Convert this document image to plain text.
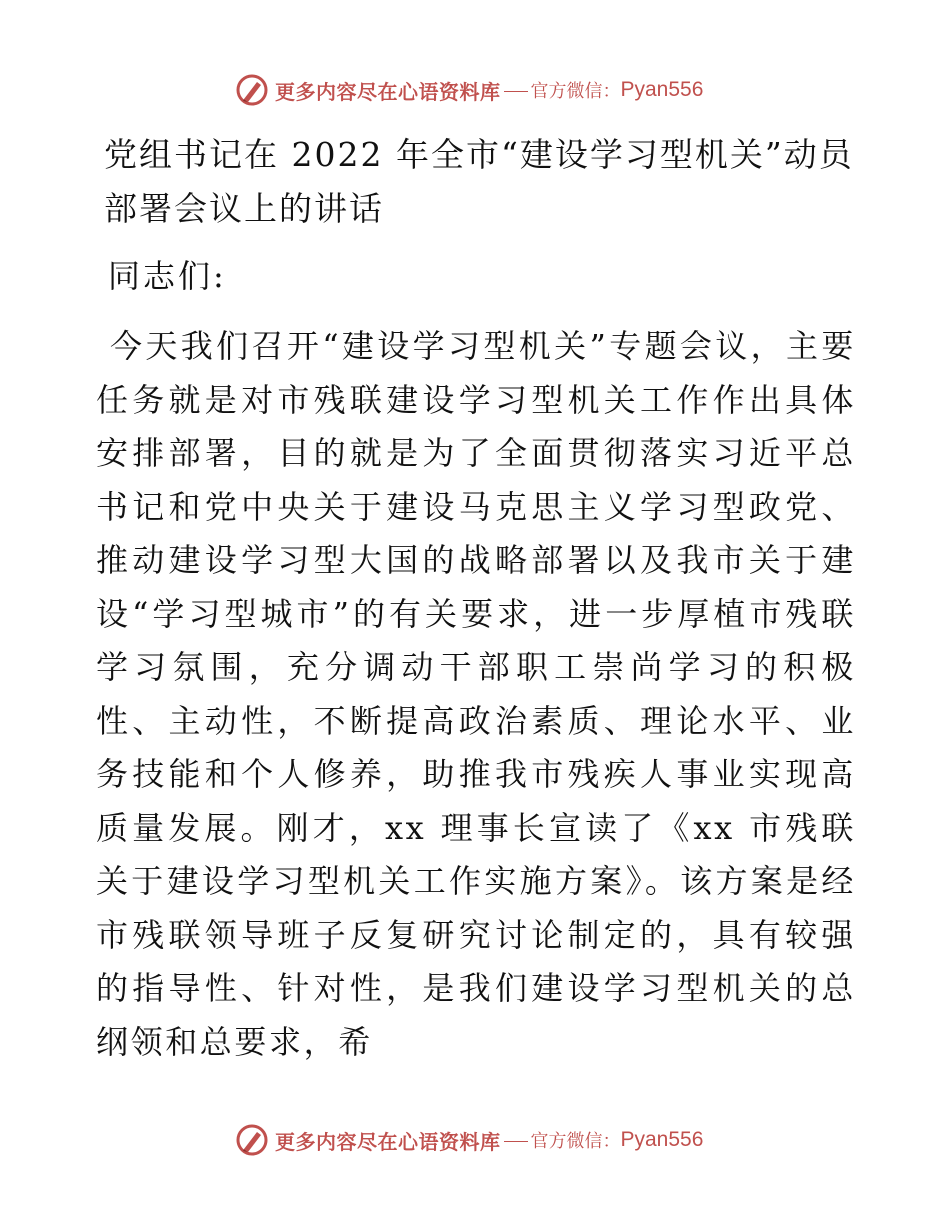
更多内容尽在心语资料库 官方微信： Pyan556
党组书记在 2022 年全市“建设学习型机关”动员部署会议上的讲话
同志们:
今天我们召开“建设学习型机关”专题会议，主要任务就是对市残联建设学习型机关工作作出具体安排部署，目的就是为了全面贯彻落实习近平总书记和党中央关于建设马克思主义学习型政党、推动建设学习型大国的战略部署以及我市关于建设“学习型城市”的有关要求，进一步厚植市残联学习氛围，充分调动干部职工崇尚学习的积极性、主动性，不断提高政治素质、理论水平、业务技能和个人修养，助推我市残疾人事业实现高质量发展。刚才，xx 理事长宣读了《xx 市残联关于建设学习型机关工作实施方案》。该方案是经市残联领导班子反复研究讨论制定的，具有较强的指导性、针对性，是我们建设学习型机关的总纲领和总要求，希
更多内容尽在心语资料库 官方微信： Pyan556
